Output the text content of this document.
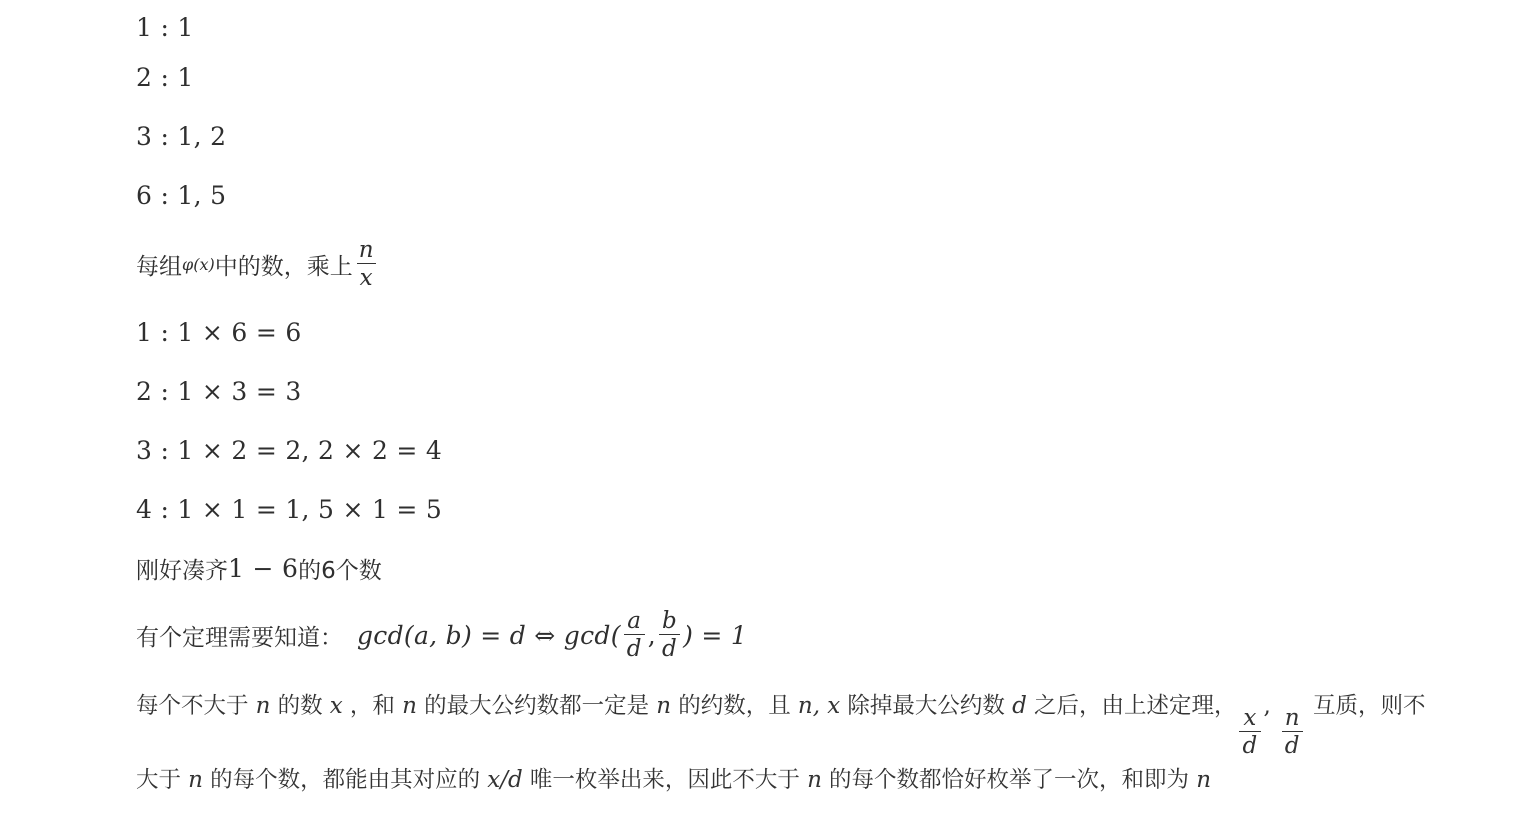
1 : 1
2 : 1
3 : 1, 2
6 : 1, 5
每组 φ(x) 中的数，乘上 $\frac{n}{x}$
1 : 1 × 6 = 6
2 : 1 × 3 = 3
3 : 1 × 2 = 2, 2 × 2 = 4
4 : 1 × 1 = 1, 5 × 1 = 5
刚好凑齐 1 − 6 的6个数
有个定理需要知道： gcd(a, b) = d ⇔ $\gcd( \frac{a}{d}$ , $\frac{b}{d}$ ) = 1
每个不大于 n 的数 x ，和 n 的最大公约数都一定是 n 的约数，且 n, x 除掉最大公约数 d 之后，由上述定理， $\frac{x}{d}$ , $\frac{n}{d}$ 互质，则不大于 n 的每个数，都能由其对应的 x/d 唯一枚举出来，因此不大于 n 的每个数都恰好枚举了一次，和即为 n
